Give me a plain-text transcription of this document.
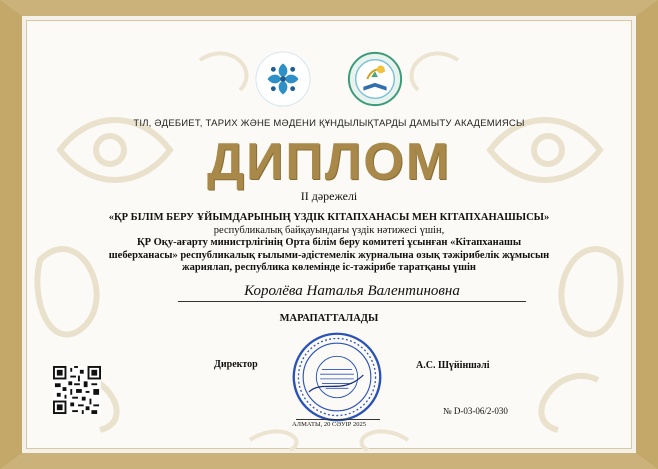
ТІЛ, ӘДЕБИЕТ, ТАРИХ ЖӘНЕ МӘДЕНИ ҚҰНДЫЛЫҚТАРДЫ ДАМЫТУ АКАДЕМИЯСЫ
ДИПЛОМ
II дәрежелі
«ҚР БІЛІМ БЕРУ ҰЙЫМДАРЫНЫҢ ҮЗДІК КІТАПХАНАСЫ МЕН КІТАПХАНАШЫСЫ»
республикалық байқауындағы үздік нәтижесі үшін,
ҚР Оқу-ағарту министрлігінің Орта білім беру комитеті ұсынған «Кітапханашы
шеберханасы» республикалық ғылыми-әдістемелік журналына озық тәжірибелік жұмысын
жариялап, республика көлемінде іс-тәжірибе таратқаны үшін
Королёва Наталья Валентиновна
МАРАПАТТАЛАДЫ
Директор	А.С. Шүйіншәлі
№ D-03-06/2-030
АЛМАТЫ, 20 СӘУІР 2025
